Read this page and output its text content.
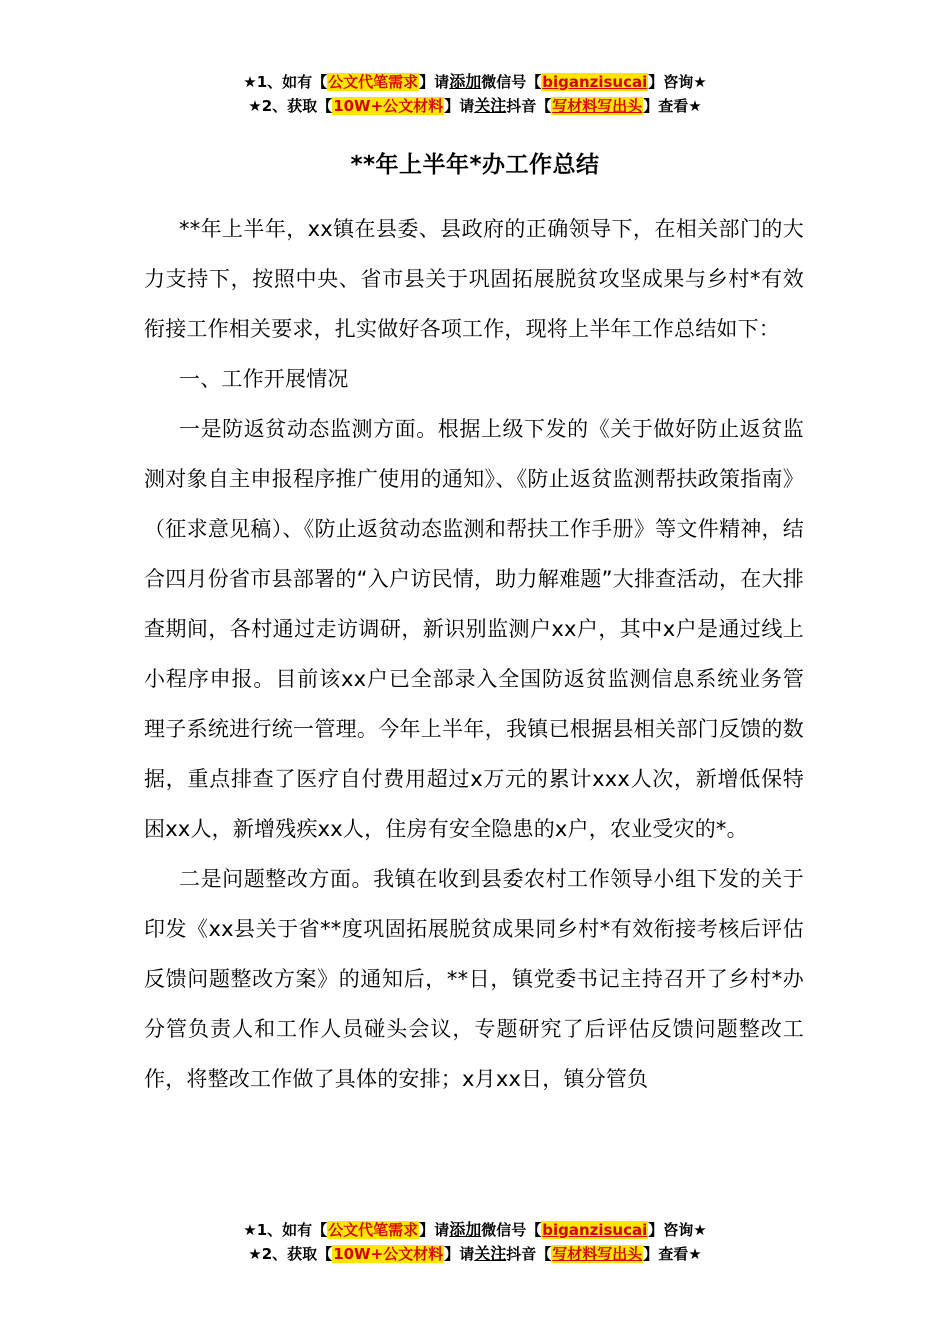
★1、如有【公文代笔需求】请添加微信号【biganzisucai】咨询★
★2、获取【10W+公文材料】请关注抖音【写材料写出头】查看★
**年上半年*办工作总结

**年上半年，xx镇在县委、县政府的正确领导下，在相关部门的大力支持下，按照中央、省市县关于巩固拓展脱贫攻坚成果与乡村*有效衔接工作相关要求，扎实做好各项工作，现将上半年工作总结如下：

一、工作开展情况

一是防返贫动态监测方面。根据上级下发的《关于做好防止返贫监测对象自主申报程序推广使用的通知》、《防止返贫监测帮扶政策指南》（征求意见稿）、《防止返贫动态监测和帮扶工作手册》等文件精神，结合四月份省市县部署的“入户访民情，助力解难题”大排查活动，在大排查期间，各村通过走访调研，新识别监测户xx户，其中x户是通过线上小程序申报。目前该xx户已全部录入全国防返贫监测信息系统业务管理子系统进行统一管理。今年上半年，我镇已根据县相关部门反馈的数据，重点排查了医疗自付费用超过x万元的累计xxx人次，新增低保特困xx人，新增残疾xx人，住房有安全隐患的x户，农业受灾的*。

二是问题整改方面。我镇在收到县委农村工作领导小组下发的关于印发《xx县关于省**度巩固拓展脱贫成果同乡村*有效衔接考核后评估反馈问题整改方案》的通知后，**日，镇党委书记主持召开了乡村*办分管负责人和工作人员碰头会议，专题研究了后评估反馈问题整改工作，将整改工作做了具体的安排；x月xx日，镇分管负

★1、如有【公文代笔需求】请添加微信号【biganzisucai】咨询★
★2、获取【10W+公文材料】请关注抖音【写材料写出头】查看★
